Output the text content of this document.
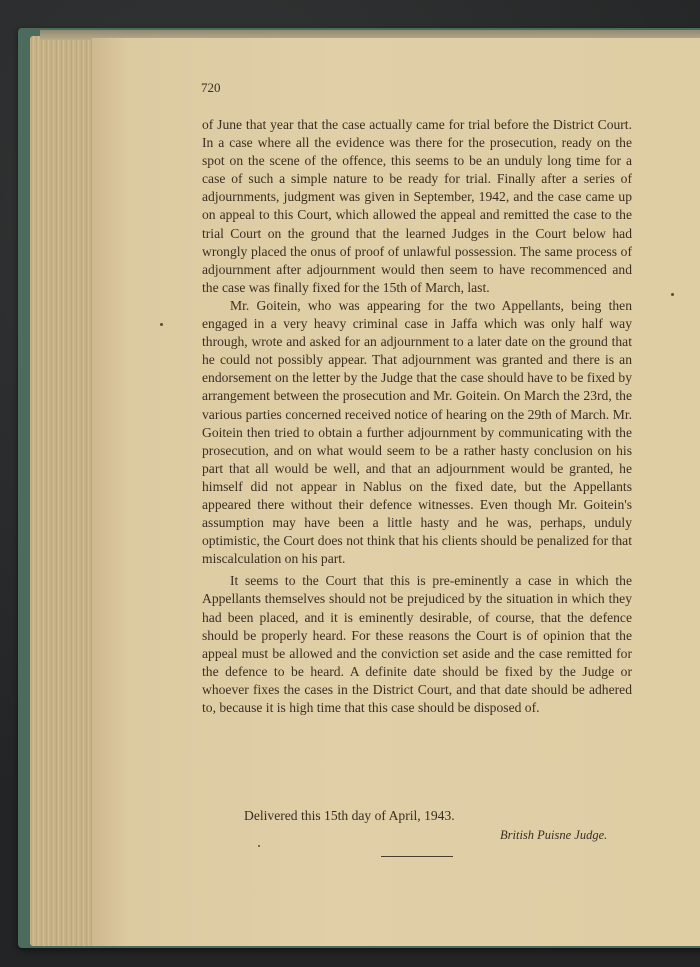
720

of June that year that the case actually came for trial before the District Court. In a case where all the evidence was there for the prosecution, ready on the spot on the scene of the offence, this seems to be an unduly long time for a case of such a simple nature to be ready for trial. Finally after a series of adjournments, judgment was given in September, 1942, and the case came up on appeal to this Court, which allowed the appeal and remitted the case to the trial Court on the ground that the learned Judges in the Court below had wrongly placed the onus of proof of unlawful possession. The same process of adjournment after adjournment would then seem to have recommenced and the case was finally fixed for the 15th of March, last.

Mr. Goitein, who was appearing for the two Appellants, being then engaged in a very heavy criminal case in Jaffa which was only half way through, wrote and asked for an adjournment to a later date on the ground that he could not possibly appear. That adjournment was granted and there is an endorsement on the letter by the Judge that the case should have to be fixed by arrangement between the prosecution and Mr. Goitein. On March the 23rd, the various parties concerned received notice of hearing on the 29th of March. Mr. Goitein then tried to obtain a further adjournment by communicating with the prosecution, and on what would seem to be a rather hasty conclusion on his part that all would be well, and that an adjournment would be granted, he himself did not appear in Nablus on the fixed date, but the Appellants appeared there without their defence witnesses. Even though Mr. Goitein's assumption may have been a little hasty and he was, perhaps, unduly optimistic, the Court does not think that his clients should be penalized for that miscalculation on his part.

It seems to the Court that this is pre-eminently a case in which the Appellants themselves should not be prejudiced by the situation in which they had been placed, and it is eminently desirable, of course, that the defence should be properly heard. For these reasons the Court is of opinion that the appeal must be allowed and the conviction set aside and the case remitted for the defence to be heard. A definite date should be fixed by the Judge or whoever fixes the cases in the District Court, and that date should be adhered to, because it is high time that this case should be disposed of.

Delivered this 15th day of April, 1943.
British Puisne Judge.
